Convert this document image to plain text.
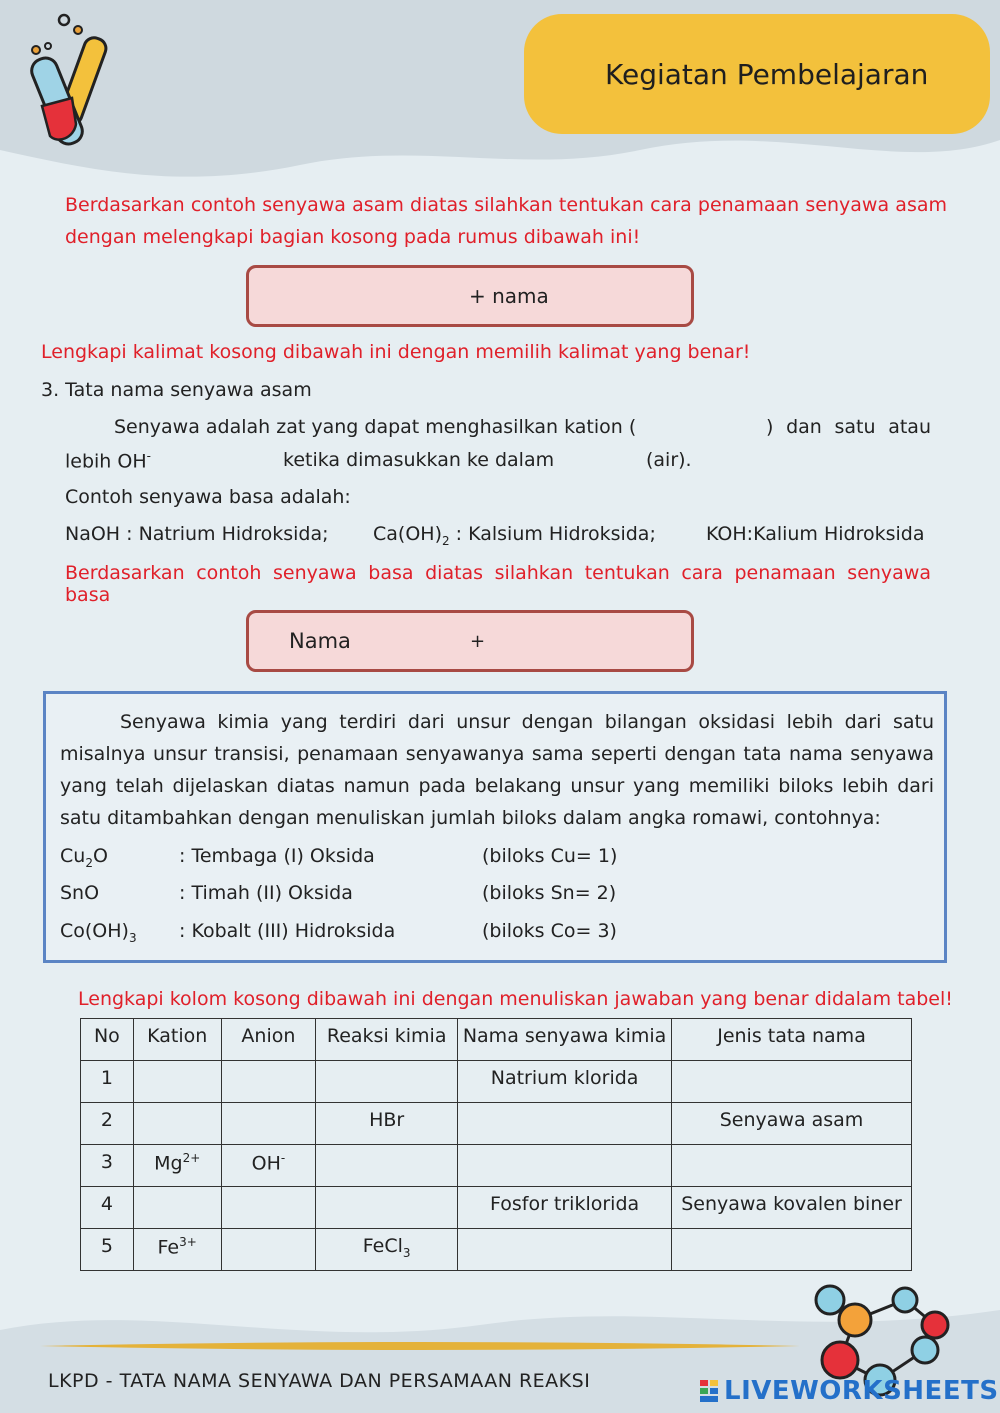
Kegiatan Pembelajaran
Berdasarkan contoh senyawa asam diatas silahkan tentukan cara penamaan senyawa asam
dengan melengkapi bagian kosong pada rumus dibawah ini!
+ nama
Lengkapi kalimat kosong dibawah ini dengan memilih kalimat yang benar!
3. Tata nama senyawa asam
Senyawa adalah zat yang dapat menghasilkan kation (	) dan satu atau
lebih OH-	ketika dimasukkan ke dalam	(air).
Contoh senyawa basa adalah:
NaOH : Natrium Hidroksida; $Ca(OH)_2$ : Kalsium Hidroksida;	KOH:Kalium Hidroksida
Berdasarkan contoh senyawa basa diatas silahkan tentukan cara penamaan senyawa basa
Nama	+
Senyawa kimia yang terdiri dari unsur dengan bilangan oksidasi lebih dari satu misalnya unsur transisi, penamaan senyawanya sama seperti dengan tata nama senyawa yang telah dijelaskan diatas namun pada belakang unsur yang memiliki biloks lebih dari satu ditambahkan dengan menuliskan jumlah biloks dalam angka romawi, contohnya:
$Cu_2O$	: Tembaga (I) Oksida	(biloks Cu= 1)
SnO	: Timah (II) Oksida	(biloks Sn= 2)
$Co(OH)_3$ : Kobalt (III) Hidroksida	(biloks Co= 3)
Lengkapi kolom kosong dibawah ini dengan menuliskan jawaban yang benar didalam tabel!
No	Kation	Anion	Reaksi kimia	Nama senyawa kimia	Jenis tata nama
1				Natrium klorida	
2			HBr		Senyawa asam
3	$Mg^{2+}$	OH-			
4				Fosfor triklorida	Senyawa kovalen biner
5	$Fe^{3+}$		FeCl$_3$		
LKPD - TATA NAMA SENYAWA DAN PERSAMAAN REAKSI	LIVEWORKSHEETS
